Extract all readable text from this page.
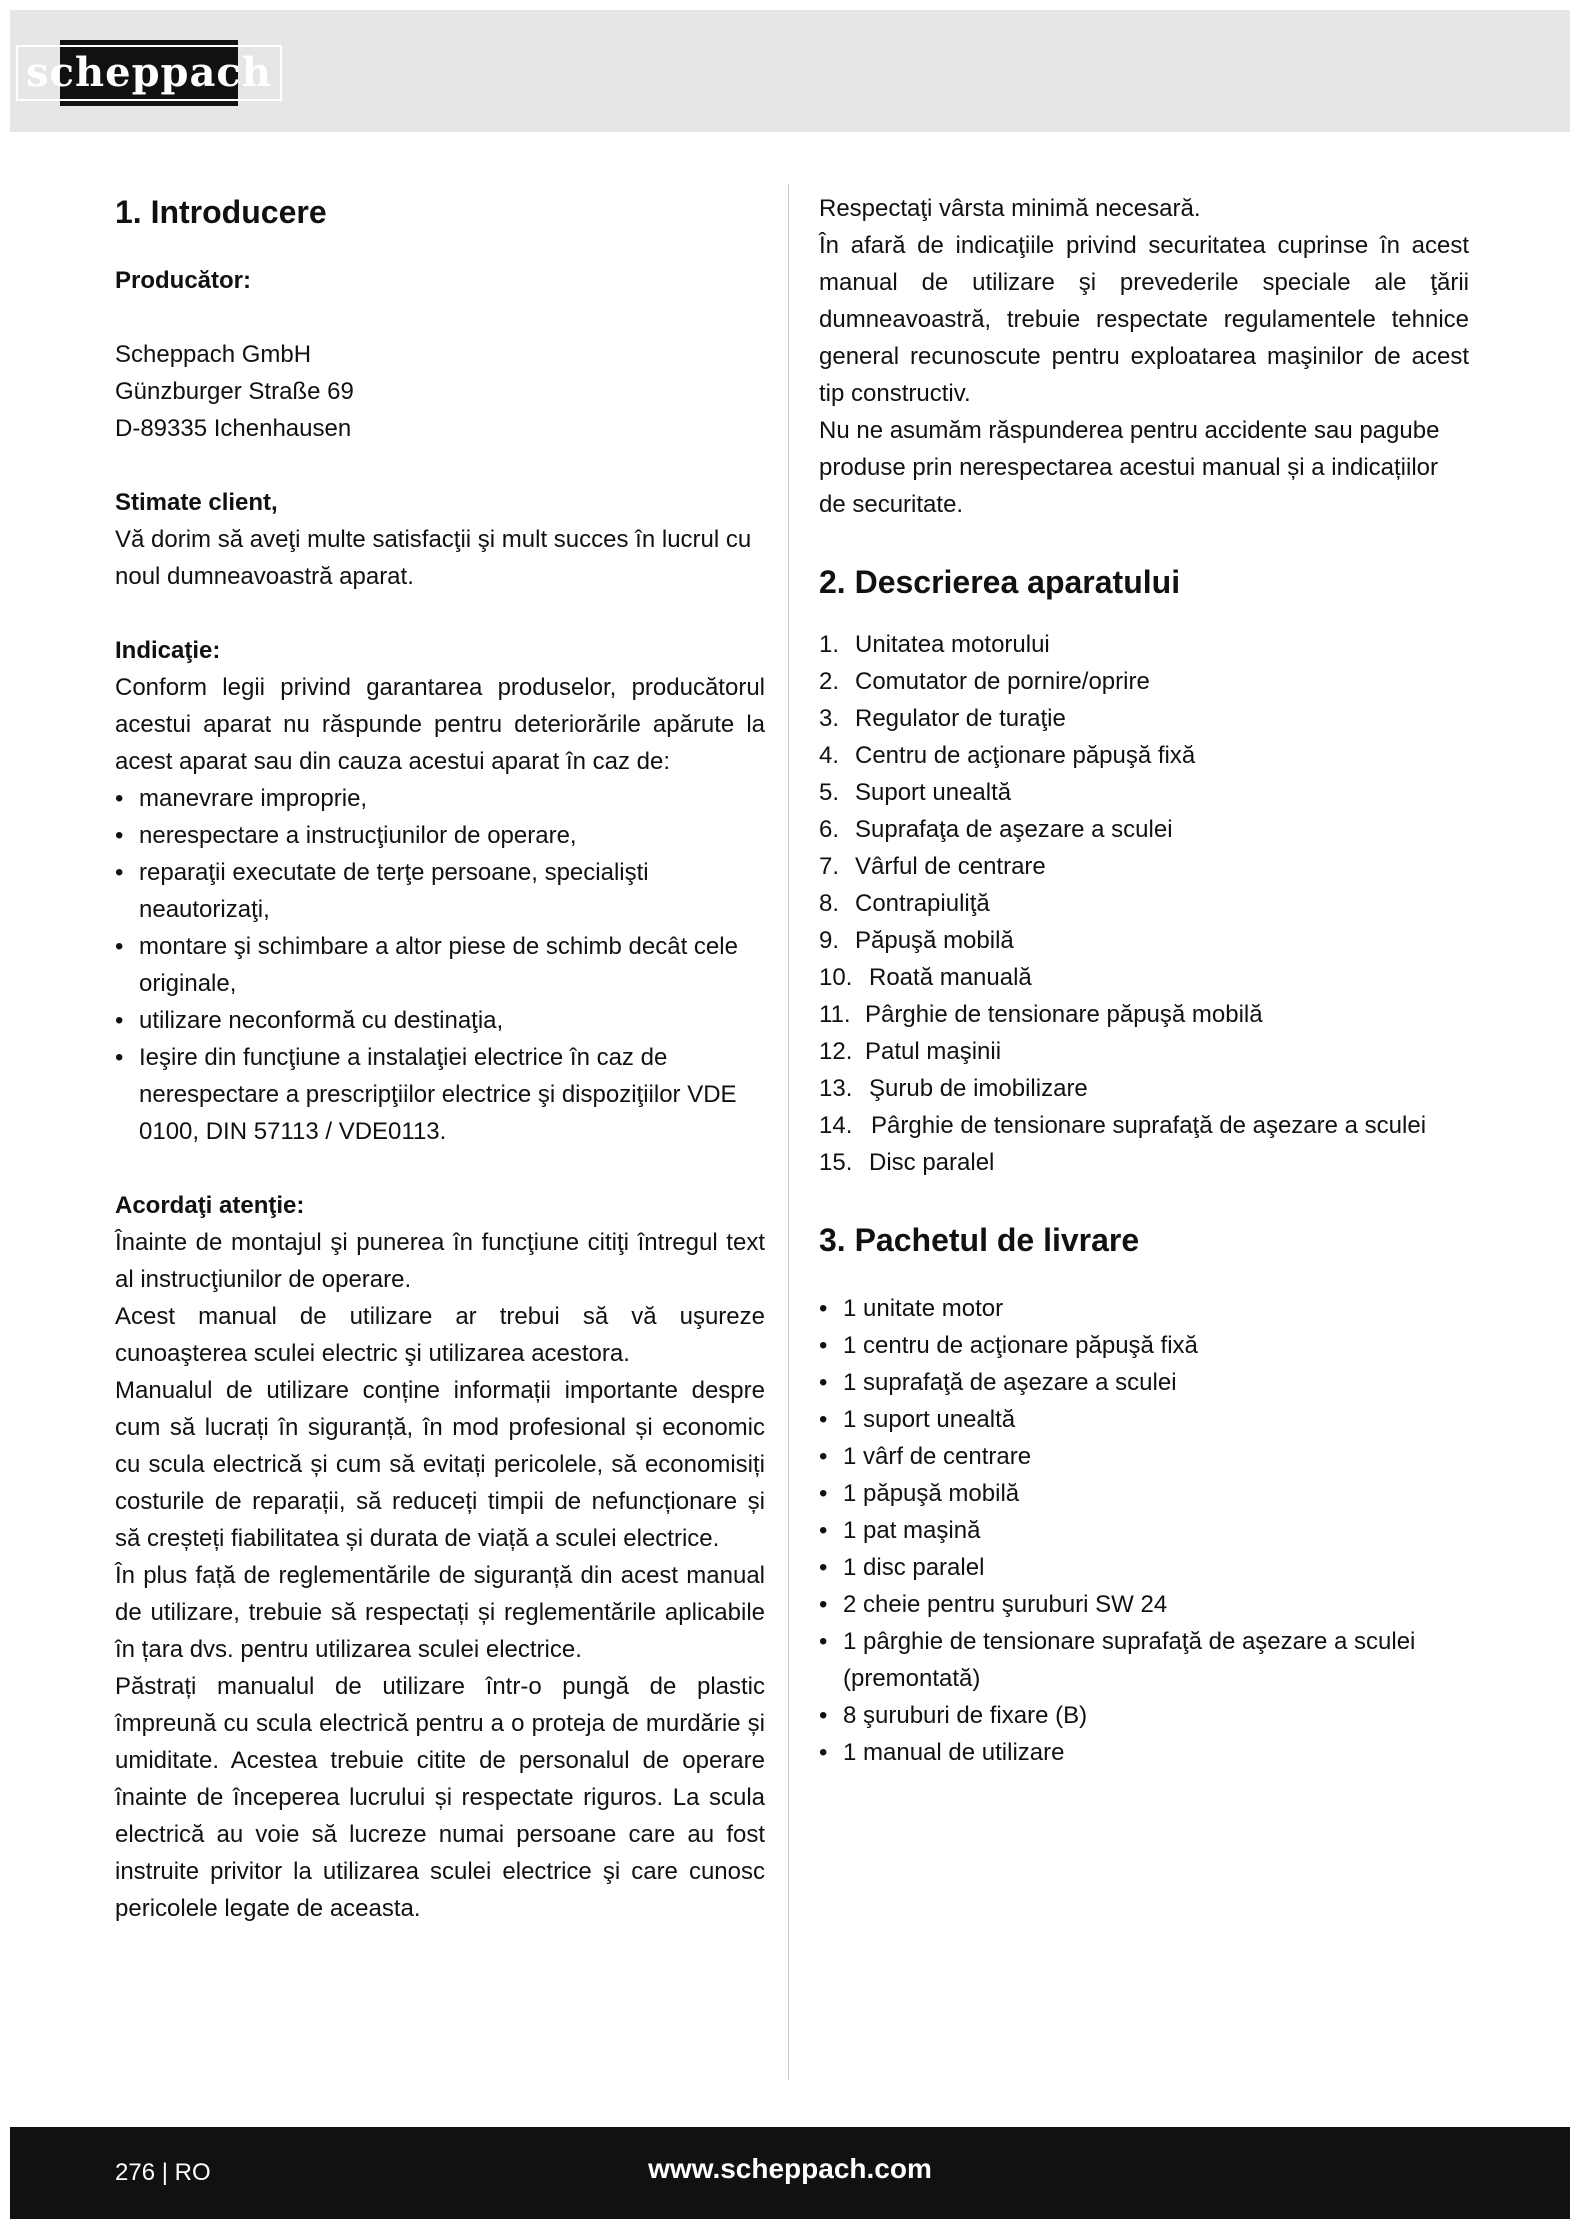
scheppach
1. Introducere

Producător:

Scheppach GmbH

Günzburger Straße 69

D-89335 Ichenhausen

Stimate client,

Vă dorim să aveţi multe satisfacţii şi mult succes în lucrul cu noul dumneavoastră aparat.

Indicaţie:

Conform legii privind garantarea produselor, producătorul acestui aparat nu răspunde pentru deteriorările apărute la acest aparat sau din cauza acestui aparat în caz de:

• manevrare improprie,
• nerespectare a instrucţiunilor de operare,
• reparaţii executate de terţe persoane, specialişti neautorizaţi,
• montare şi schimbare a altor piese de schimb decât cele originale,
• utilizare neconformă cu destinaţia,
• Ieşire din funcţiune a instalaţiei electrice în caz de nerespectare a prescripţiilor electrice şi dispoziţiilor VDE 0100, DIN 57113 / VDE0113.

Acordaţi atenţie:

Înainte de montajul şi punerea în funcţiune citiţi întregul text al instrucţiunilor de operare.

Acest manual de utilizare ar trebui să vă uşureze cunoaşterea sculei electric şi utilizarea acestora.

Manualul de utilizare conține informații importante despre cum să lucrați în siguranță, în mod profesional și economic cu scula electrică și cum să evitați pericolele, să economisiți costurile de reparații, să reduceți timpii de nefuncționare și să creșteți fiabilitatea și durata de viață a sculei electrice.

În plus față de reglementările de siguranță din acest manual de utilizare, trebuie să respectați și reglementările aplicabile în țara dvs. pentru utilizarea sculei electrice.

Păstrați manualul de utilizare într-o pungă de plastic împreună cu scula electrică pentru a o proteja de murdărie și umiditate. Acestea trebuie citite de personalul de operare înainte de începerea lucrului și respectate riguros. La scula electrică au voie să lucreze numai persoane care au fost instruite privitor la utilizarea sculei electrice şi care cunosc pericolele legate de aceasta.

Respectaţi vârsta minimă necesară.

În afară de indicaţiile privind securitatea cuprinse în acest manual de utilizare şi prevederile speciale ale ţării dumneavoastră, trebuie respectate regulamentele tehnice general recunoscute pentru exploatarea maşinilor de acest tip constructiv.

Nu ne asumăm răspunderea pentru accidente sau pagube produse prin nerespectarea acestui manual și a indicațiilor de securitate.

2. Descrierea aparatului
1. Unitatea motorului
2. Comutator de pornire/oprire
3. Regulator de turaţie
4. Centru de acţionare păpuşă fixă
5. Suport unealtă
6. Suprafaţa de aşezare a sculei
7. Vârful de centrare
8. Contrapiuliţă
9. Păpuşă mobilă
10. Roată manuală
11. Pârghie de tensionare păpuşă mobilă
12. Patul maşinii
13. Şurub de imobilizare
14. Pârghie de tensionare suprafaţă de aşezare a sculei
15. Disc paralel
3. Pachetul de livrare
• 1 unitate motor
• 1 centru de acţionare păpuşă fixă
• 1 suprafaţă de aşezare a sculei
• 1 suport unealtă
• 1 vârf de centrare
• 1 păpuşă mobilă
• 1 pat maşină
• 1 disc paralel
• 2 cheie pentru şuruburi SW 24
• 1 pârghie de tensionare suprafaţă de aşezare a sculei (premontată)
• 8 şuruburi de fixare (B)
• 1 manual de utilizare
276 | RO	www.scheppach.com
